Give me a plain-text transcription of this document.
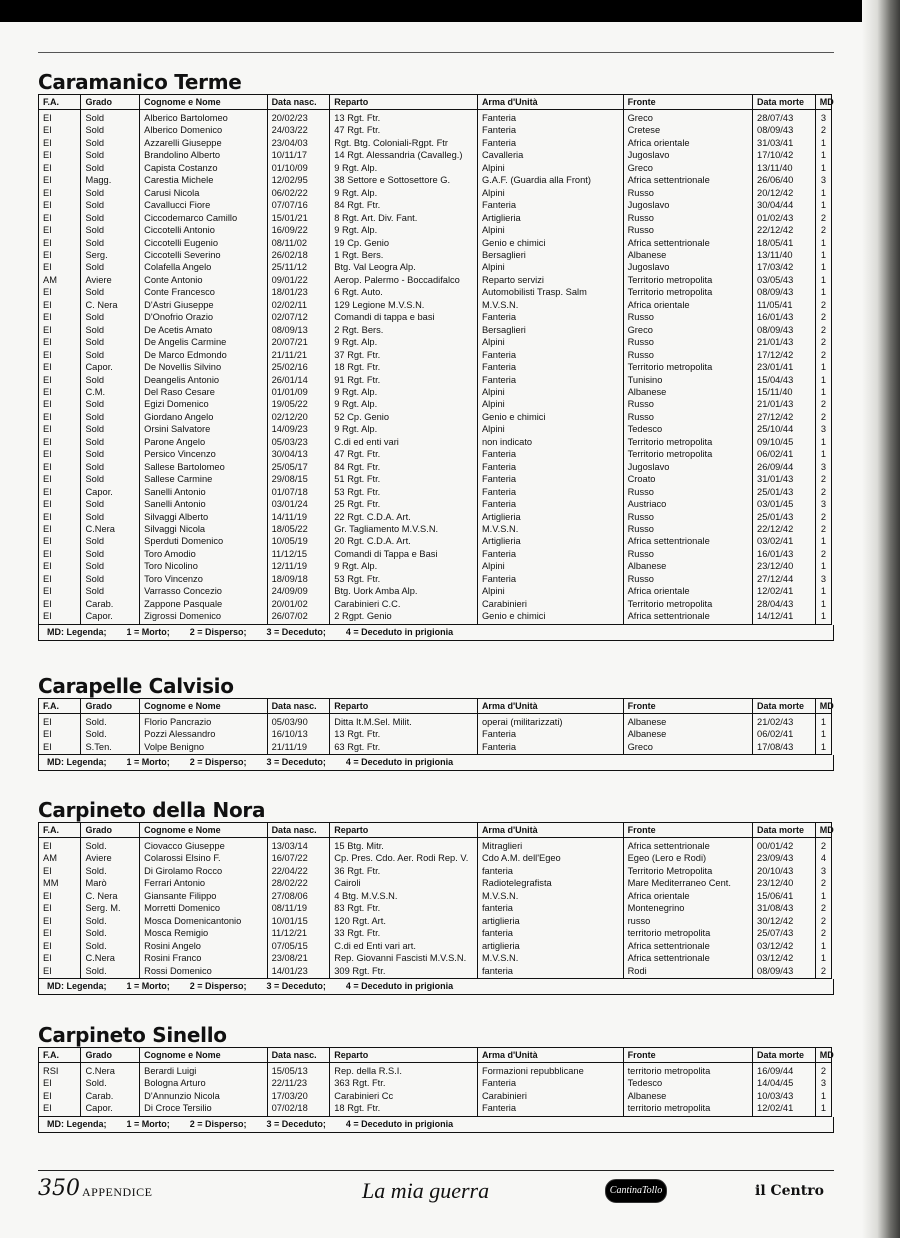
Caramanico Terme
F.A.	Grado	Cognome e Nome	Data nasc.	Reparto	Arma d'Unità	Fronte	Data morte	MD
EI	Sold	Alberico Bartolomeo	20/02/23	13 Rgt. Ftr.	Fanteria	Greco	28/07/43	3
EI	Sold	Alberico Domenico	24/03/22	47 Rgt. Ftr.	Fanteria	Cretese	08/09/43	2
EI	Sold	Azzarelli Giuseppe	23/04/03	Rgt. Btg. Coloniali-Rgpt. Ftr	Fanteria	Africa orientale	31/03/41	1
EI	Sold	Brandolino Alberto	10/11/17	14 Rgt. Alessandria (Cavalleg.)	Cavalleria	Jugoslavo	17/10/42	1
EI	Sold	Capista Costanzo	01/10/09	9 Rgt. Alp.	Alpini	Greco	13/11/40	1
EI	Magg.	Carestia Michele	12/02/95	38 Settore e Sottosettore G.	G.A.F. (Guardia alla Front)	Africa settentrionale	26/06/40	3
EI	Sold	Carusi Nicola	06/02/22	9 Rgt. Alp.	Alpini	Russo	20/12/42	1
EI	Sold	Cavallucci Fiore	07/07/16	84 Rgt. Ftr.	Fanteria	Jugoslavo	30/04/44	1
EI	Sold	Ciccodemarco Camillo	15/01/21	8 Rgt. Art. Div. Fant.	Artiglieria	Russo	01/02/43	2
EI	Sold	Ciccotelli Antonio	16/09/22	9 Rgt. Alp.	Alpini	Russo	22/12/42	2
EI	Sold	Ciccotelli Eugenio	08/11/02	19 Cp. Genio	Genio e chimici	Africa settentrionale	18/05/41	1
EI	Serg.	Ciccotelli Severino	26/02/18	1 Rgt. Bers.	Bersaglieri	Albanese	13/11/40	1
EI	Sold	Colafella Angelo	25/11/12	Btg. Val Leogra Alp.	Alpini	Jugoslavo	17/03/42	1
AM	Aviere	Conte Antonio	09/01/22	Aerop. Palermo - Boccadifalco	Reparto servizi	Territorio metropolita	03/05/43	1
EI	Sold	Conte Francesco	18/01/23	6 Rgt. Auto.	Automobilisti Trasp. Salm	Territorio metropolita	08/09/43	1
EI	C. Nera	D'Astri Giuseppe	02/02/11	129 Legione M.V.S.N.	M.V.S.N.	Africa orientale	11/05/41	2
EI	Sold	D'Onofrio Orazio	02/07/12	Comandi di tappa e basi	Fanteria	Russo	16/01/43	2
EI	Sold	De Acetis Amato	08/09/13	2 Rgt. Bers.	Bersaglieri	Greco	08/09/43	2
EI	Sold	De Angelis Carmine	20/07/21	9 Rgt. Alp.	Alpini	Russo	21/01/43	2
EI	Sold	De Marco Edmondo	21/11/21	37 Rgt. Ftr.	Fanteria	Russo	17/12/42	2
EI	Capor.	De Novellis Silvino	25/02/16	18 Rgt. Ftr.	Fanteria	Territorio metropolita	23/01/41	1
EI	Sold	Deangelis Antonio	26/01/14	91 Rgt. Ftr.	Fanteria	Tunisino	15/04/43	1
EI	C.M.	Del Raso Cesare	01/01/09	9 Rgt. Alp.	Alpini	Albanese	15/11/40	1
EI	Sold	Egizi Domenico	19/05/22	9 Rgt. Alp.	Alpini	Russo	21/01/43	2
EI	Sold	Giordano Angelo	02/12/20	52 Cp. Genio	Genio e chimici	Russo	27/12/42	2
EI	Sold	Orsini Salvatore	14/09/23	9 Rgt. Alp.	Alpini	Tedesco	25/10/44	3
EI	Sold	Parone Angelo	05/03/23	C.di ed enti vari	non indicato	Territorio metropolita	09/10/45	1
EI	Sold	Persico Vincenzo	30/04/13	47 Rgt. Ftr.	Fanteria	Territorio metropolita	06/02/41	1
EI	Sold	Sallese Bartolomeo	25/05/17	84 Rgt. Ftr.	Fanteria	Jugoslavo	26/09/44	3
EI	Sold	Sallese Carmine	29/08/15	51 Rgt. Ftr.	Fanteria	Croato	31/01/43	2
EI	Capor.	Sanelli Antonio	01/07/18	53 Rgt. Ftr.	Fanteria	Russo	25/01/43	2
EI	Sold	Sanelli Antonio	03/01/24	25 Rgt. Ftr.	Fanteria	Austriaco	03/01/45	3
EI	Sold	Silvaggi Alberto	14/11/19	22 Rgt. C.D.A. Art.	Artiglieria	Russo	25/01/43	2
EI	C.Nera	Silvaggi Nicola	18/05/22	Gr. Tagliamento M.V.S.N.	M.V.S.N.	Russo	22/12/42	2
EI	Sold	Sperduti Domenico	10/05/19	20 Rgt. C.D.A. Art.	Artiglieria	Africa settentrionale	03/02/41	1
EI	Sold	Toro Amodio	11/12/15	Comandi di Tappa e Basi	Fanteria	Russo	16/01/43	2
EI	Sold	Toro Nicolino	12/11/19	9 Rgt. Alp.	Alpini	Albanese	23/12/40	1
EI	Sold	Toro Vincenzo	18/09/18	53 Rgt. Ftr.	Fanteria	Russo	27/12/44	3
EI	Sold	Varrasso Concezio	24/09/09	Btg. Uork Amba Alp.	Alpini	Africa orientale	12/02/41	1
EI	Carab.	Zappone Pasquale	20/01/02	Carabinieri C.C.	Carabinieri	Territorio metropolita	28/04/43	1
EI	Capor.	Zigrossi Domenico	26/07/02	2 Rgpt. Genio	Genio e chimici	Africa settentrionale	14/12/41	1
MD: Legenda; 1 = Morto; 2 = Disperso; 3 = Deceduto; 4 = Deceduto in prigionia
Carapelle Calvisio
F.A.	Grado	Cognome e Nome	Data nasc.	Reparto	Arma d'Unità	Fronte	Data morte	MD
EI	Sold.	Florio Pancrazio	05/03/90	Ditta It.M.Sel. Milit.	operai (militarizzati)	Albanese	21/02/43	1
EI	Sold.	Pozzi Alessandro	16/10/13	13 Rgt. Ftr.	Fanteria	Albanese	06/02/41	1
EI	S.Ten.	Volpe Benigno	21/11/19	63 Rgt. Ftr.	Fanteria	Greco	17/08/43	1
MD: Legenda; 1 = Morto; 2 = Disperso; 3 = Deceduto; 4 = Deceduto in prigionia
Carpineto della Nora
F.A.	Grado	Cognome e Nome	Data nasc.	Reparto	Arma d'Unità	Fronte	Data morte	MD
EI	Sold.	Ciovacco Giuseppe	13/03/14	15 Btg. Mitr.	Mitraglieri	Africa settentrionale	00/01/42	2
AM	Aviere	Colarossi Elsino F.	16/07/22	Cp. Pres. Cdo. Aer. Rodi Rep. V.	Cdo A.M. dell'Egeo	Egeo (Lero e Rodi)	23/09/43	4
EI	Sold.	Di Girolamo Rocco	22/04/22	36 Rgt. Ftr.	fanteria	Territorio Metropolita	20/10/43	3
MM	Marò	Ferrari Antonio	28/02/22	Cairoli	Radiotelegrafista	Mare Mediterraneo Cent.	23/12/40	2
EI	C. Nera	Giansante Filippo	27/08/06	4 Btg. M.V.S.N.	M.V.S.N.	Africa orientale	15/06/41	1
EI	Serg. M.	Morretti Domenico	08/11/19	83 Rgt. Ftr.	fanteria	Montenegrino	31/08/43	2
EI	Sold.	Mosca Domenicantonio	10/01/15	120 Rgt. Art.	artiglieria	russo	30/12/42	2
EI	Sold.	Mosca Remigio	11/12/21	33 Rgt. Ftr.	fanteria	territorio metropolita	25/07/43	2
EI	Sold.	Rosini Angelo	07/05/15	C.di ed Enti vari art.	artiglieria	Africa settentrionale	03/12/42	1
EI	C.Nera	Rosini Franco	23/08/21	Rep. Giovanni Fascisti M.V.S.N.	M.V.S.N.	Africa settentrionale	03/12/42	1
EI	Sold.	Rossi Domenico	14/01/23	309 Rgt. Ftr.	fanteria	Rodi	08/09/43	2
MD: Legenda; 1 = Morto; 2 = Disperso; 3 = Deceduto; 4 = Deceduto in prigionia
Carpineto Sinello
F.A.	Grado	Cognome e Nome	Data nasc.	Reparto	Arma d'Unità	Fronte	Data morte	MD
RSI	C.Nera	Berardi Luigi	15/05/13	Rep. della R.S.I.	Formazioni repubblicane	territorio metropolita	16/09/44	2
EI	Sold.	Bologna Arturo	22/11/23	363 Rgt. Ftr.	Fanteria	Tedesco	14/04/45	3
EI	Carab.	D'Annunzio Nicola	17/03/20	Carabinieri Cc	Carabinieri	Albanese	10/03/43	1
EI	Capor.	Di Croce Tersilio	07/02/18	18 Rgt. Ftr.	Fanteria	territorio metropolita	12/02/41	1
MD: Legenda; 1 = Morto; 2 = Disperso; 3 = Deceduto; 4 = Deceduto in prigionia
350 APPENDICE	La mia guerra	CantinaTollo	il Centro
